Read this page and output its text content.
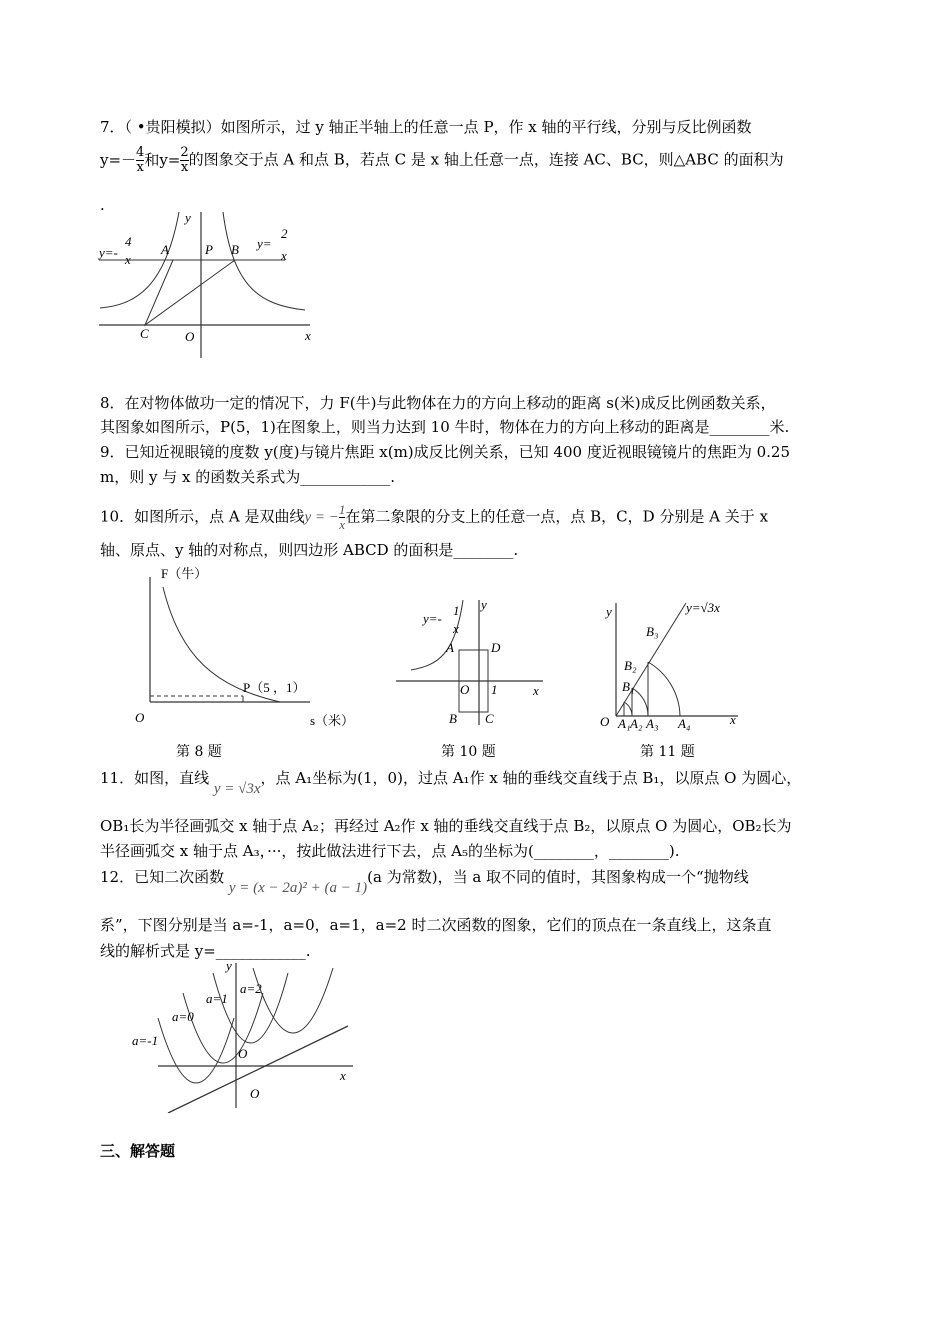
7．（ •贵阳模拟）如图所示，过 y 轴正半轴上的任意一点 P，作 x 轴的平行线，分别与反比例函数
$y=- \frac{4}{x}$ 和$y= \frac{2}{x}$ 的图象交于点 A 和点 B，若点 C 是 x 轴上任意一点，连接 AC、BC，则△ABC 的面积为
.
y
x
O
C
A	P B
y=-
4
x
y=
2
x
8．在对物体做功一定的情况下，力 F(牛)与此物体在力的方向上移动的距离 s(米)成反比例函数关系，
其图象如图所示，P(5，1)在图象上，则当力达到 10 牛时，物体在力的方向上移动的距离是________米.
9．已知近视眼镜的度数 y(度)与镜片焦距 x(m)成反比例关系，已知 400 度近视眼镜镜片的焦距为 0.25
m，则 y 与 x 的函数关系式为____________.
10．如图所示，点 A 是双曲线y = − $\frac{1}{x}$ 在第二象限的分支上的任意一点，点 B，C，D 分别是 A 关于 x
轴、原点、y 轴的对称点，则四边形 ABCD 的面积是________.
F（牛）
s（米）
O
P（5 ，1）
第 8 题
y=-
1
x
y
x
A	D
B C
O 1
第 10 题
y
x
O A₁ A₂ A₃ A₄
B₁
B₂
B₃
y=√3x
第 11 题
11．如图，直线 y = √3x，点 A₁坐标为(1，0)，过点 A₁作 x 轴的垂线交直线于点 B₁，以原点 O 为圆心，
OB₁长为半径画弧交 x 轴于点 A₂；再经过 A₂作 x 轴的垂线交直线于点 B₂，以原点 O 为圆心，OB₂长为
半径画弧交 x 轴于点 A₃，···，按此做法进行下去，点 A₅的坐标为(________，________).
12．已知二次函数 y = (x − 2a)² + (a − 1)(a 为常数)，当 a 取不同的值时，其图象构成一个“抛物线
系”，下图分别是当 a=-1，a=0，a=1，a=2 时二次函数的图象，它们的顶点在一条直线上，这条直
线的解析式是 y=____________.
y
x
O
O
a=-1
a=0
a=1
a=2
三、解答题
